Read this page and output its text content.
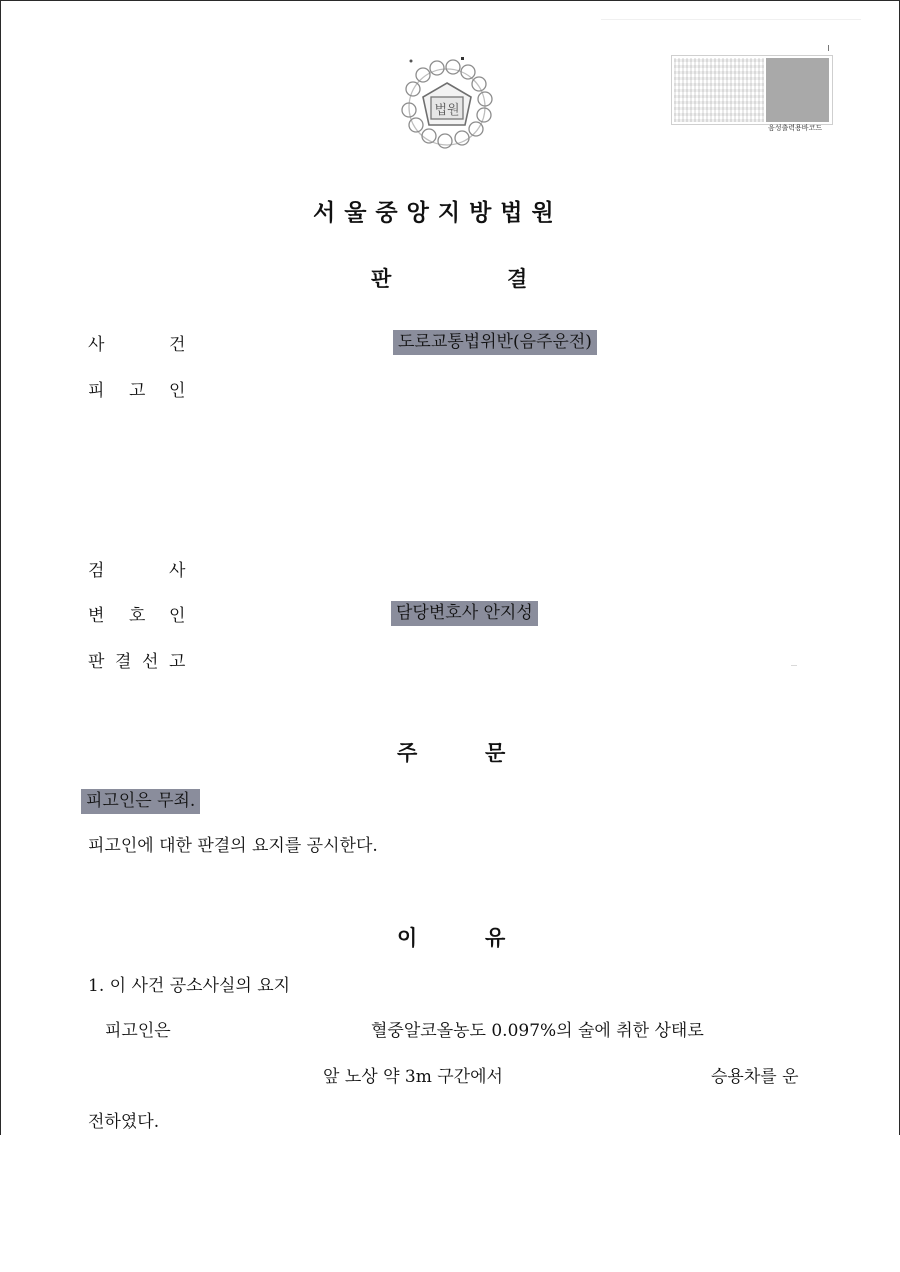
법원
음성출력용바코드
서울중앙지방법원
판	결
사	건	도로교통법위반(음주운전)
피 고 인
검	사
변 호 인	담당변호사 안지성
판 결 선 고
주	문
피고인은 무죄.
피고인에 대한 판결의 요지를 공시한다.
이	유
1. 이 사건 공소사실의 요지
피고인은	혈중알코올농도 0.097%의 술에 취한 상태로
앞 노상 약 3m 구간에서	승용차를 운
전하였다.
